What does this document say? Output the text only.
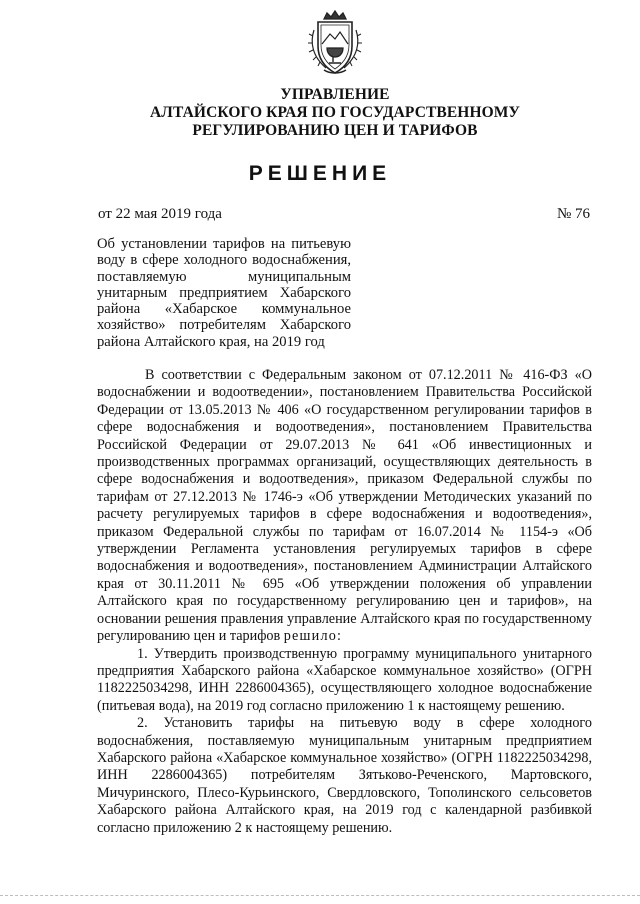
УПРАВЛЕНИЕ
АЛТАЙСКОГО КРАЯ ПО ГОСУДАРСТВЕННОМУ
РЕГУЛИРОВАНИЮ ЦЕН И ТАРИФОВ
РЕШЕНИЕ
от 22 мая 2019 года	№ 76
Об установлении тарифов на питьевую воду в сфере холодного водоснабжения, поставляемую муниципальным унитарным предприятием Хабарского района «Хабарское коммунальное хозяйство» потребителям Хабарского района Алтайского края, на 2019 год

В соответствии с Федеральным законом от 07.12.2011 № 416-ФЗ «О водоснабжении и водоотведении», постановлением Правительства Российской Федерации от 13.05.2013 № 406 «О государственном регулировании тарифов в сфере водоснабжения и водоотведения», постановлением Правительства Российской Федерации от 29.07.2013 № 641 «Об инвестиционных и производственных программах организаций, осуществляющих деятельность в сфере водоснабжения и водоотведения», приказом Федеральной службы по тарифам от 27.12.2013 № 1746-э «Об утверждении Методических указаний по расчету регулируемых тарифов в сфере водоснабжения и водоотведения», приказом Федеральной службы по тарифам от 16.07.2014 № 1154-э «Об утверждении Регламента установления регулируемых тарифов в сфере водоснабжения и водоотведения», постановлением Администрации Алтайского края от 30.11.2011 № 695 «Об утверждении положения об управлении Алтайского края по государственному регулированию цен и тарифов», на основании решения правления управление Алтайского края по государственному регулированию цен и тарифов решило:

1. Утвердить производственную программу муниципального унитарного предприятия Хабарского района «Хабарское коммунальное хозяйство» (ОГРН 1182225034298, ИНН 2286004365), осуществляющего холодное водоснабжение (питьевая вода), на 2019 год согласно приложению 1 к настоящему решению.

2. Установить тарифы на питьевую воду в сфере холодного водоснабжения, поставляемую муниципальным унитарным предприятием Хабарского района «Хабарское коммунальное хозяйство» (ОГРН 1182225034298, ИНН 2286004365) потребителям Зятьково-Реченского, Мартовского, Мичуринского, Плесо-Курьинского, Свердловского, Тополинского сельсоветов Хабарского района Алтайского края, на 2019 год с календарной разбивкой согласно приложению 2 к настоящему решению.
